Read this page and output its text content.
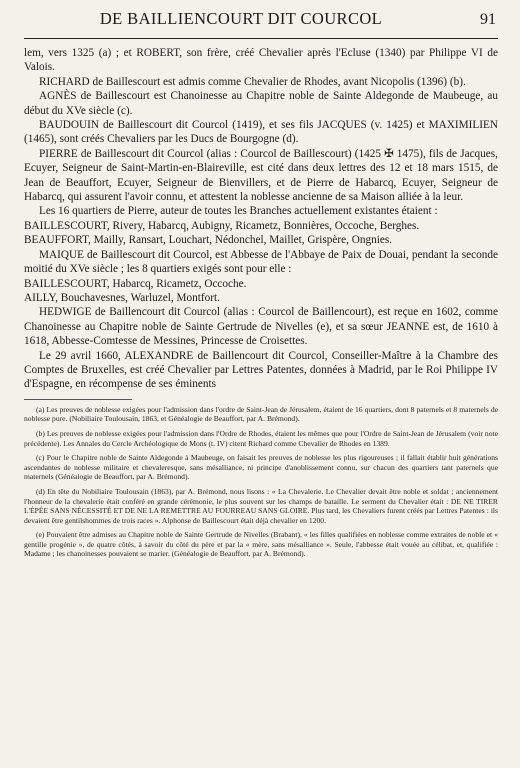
DE BAILLIENCOURT DIT COURCOL	91

lem, vers 1325 (a) ; et ROBERT, son frère, créé Chevalier après l'Ecluse (1340) par Philippe VI de Valois.

RICHARD de Baillescourt est admis comme Chevalier de Rhodes, avant Nicopolis (1396) (b).

AGNÈS de Baillescourt est Chanoinesse au Chapitre noble de Sainte Aldegonde de Maubeuge, au début du XVe siècle (c).

BAUDOUIN de Baillescourt dit Courcol (1419), et ses fils JACQUES (v. 1425) et MAXIMILIEN (1465), sont créés Chevaliers par les Ducs de Bourgogne (d).

PIERRE de Baillescourt dit Courcol (alias : Courcol de Baillescourt) (1425 ✠ 1475), fils de Jacques, Ecuyer, Seigneur de Saint-Martin-en-Blaireville, est cité dans deux lettres des 12 et 18 mars 1515, de Jean de Beauffort, Ecuyer, Seigneur de Bienvillers, et de Pierre de Habarcq, Ecuyer, Seigneur de Habarcq, qui assurent l'avoir connu, et attestent la noblesse ancienne de sa Maison alliée à la leur.

Les 16 quartiers de Pierre, auteur de toutes les Branches actuellement existantes étaient :

BAILLESCOURT, Rivery, Habarcq, Aubigny, Ricametz, Bonnières, Occoche, Berghes.

BEAUFFORT, Mailly, Ransart, Louchart, Nédonchel, Maillet, Grispère, Ongnies.

MAIQUE de Baillescourt dit Courcol, est Abbesse de l'Abbaye de Paix de Douai, pendant la seconde moitié du XVe siècle ; les 8 quartiers exigés sont pour elle :

BAILLESCOURT, Habarcq, Ricametz, Occoche.

AILLY, Bouchavesnes, Warluzel, Montfort.

HEDWIGE de Baillencourt dit Courcol (alias : Courcol de Baillencourt), est reçue en 1602, comme Chanoinesse au Chapitre noble de Sainte Gertrude de Nivelles (e), et sa sœur JEANNE est, de 1610 à 1618, Abbesse-Comtesse de Messines, Princesse de Croisettes.

Le 29 avril 1660, ALEXANDRE de Baillencourt dit Courcol, Conseiller-Maître à la Chambre des Comptes de Bruxelles, est créé Chevalier par Lettres Patentes, données à Madrid, par le Roi Philippe IV d'Espagne, en récompense de ses éminents

(a) Les preuves de noblesse exigées pour l'admission dans l'ordre de Saint-Jean de Jérusalem, étaient de 16 quartiers, dont 8 paternels et 8 maternels de noblesse pure. (Nobiliaire Toulousain, 1863, et Généalogie de Beauffort, par A. Brémond).

(b) Les preuves de noblesse exigées pour l'admission dans l'Ordre de Rhodes, étaient les mêmes que pour l'Ordre de Saint-Jean de Jérusalem (voir note précédente). Les Annales du Cercle Archéologique de Mons (t. IV) citent Richard comme Chevalier de Rhodes en 1389.

(c) Pour le Chapitre noble de Sainte Aldegonde à Maubeuge, on faisait les preuves de noblesse les plus rigoureuses ; il fallait établir huit générations ascendantes de noblesse militaire et chevaleresque, sans mésalliance, ni principe d'anoblissement connu, sur chacun des quartiers tant paternels que maternels (Généalogie de Beauffort, par A. Brémond).

(d) En tête du Nobiliaire Toulousain (1863), par A. Brémond, nous lisons : « La Chevalerie. Le Chevalier devait être noble et soldat ; anciennement l'honneur de la chevalerie était conféré en grande cérémonie, le plus souvent sur les champs de bataille. Le serment du Chevalier était : DE NE TIRER L'ÉPÉE SANS NÉCESSITÉ ET DE NE LA REMETTRE AU FOURREAU SANS GLOIRE. Plus tard, les Chevaliers furent créés par Lettres Patentes : ils devaient être gentilshommes de trois races ». Alphonse de Baillescourt était déjà chevalier en 1200.

(e) Pouvaient être admises au Chapitre noble de Sainte Gertrude de Nivelles (Brabant), « les filles qualifiées en noblesse comme extraites de noble et « gentille progénie », de quatre côtés, à savoir du côté du père et par la « mère, sans mésalliance ». Seule, l'abbesse était vouée au célibat, et, qualifiée : Madame ; les chanoinesses pouvaient se marier. (Généalogie de Beauffort, par A. Brémond).
